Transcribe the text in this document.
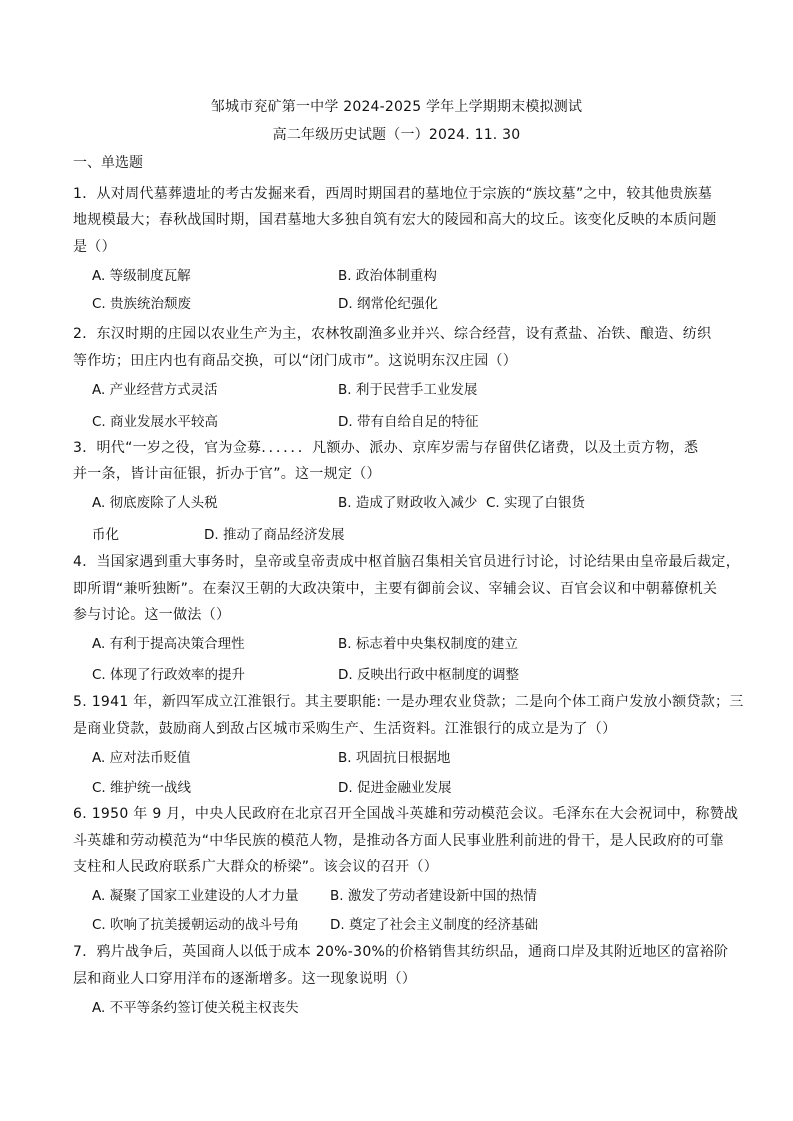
邹城市兖矿第一中学 2024-2025 学年上学期期末模拟测试
高二年级历史试题（一）2024. 11. 30
一、单选题
1．从对周代墓葬遗址的考古发掘来看，西周时期国君的墓地位于宗族的“族坟墓”之中，较其他贵族墓
地规模最大；春秋战国时期，国君墓地大多独自筑有宏大的陵园和高大的坟丘。该变化反映的本质问题
是（）
A. 等级制度瓦解	B. 政治体制重构
C. 贵族统治颓废	D. 纲常伦纪强化
2．东汉时期的庄园以农业生产为主，农林牧副渔多业并兴、综合经营，设有煮盐、冶铁、酿造、纺织
等作坊；田庄内也有商品交换，可以“闭门成市”。这说明东汉庄园（）
A. 产业经营方式灵活	B. 利于民营手工业发展
C. 商业发展水平较高	D. 带有自给自足的特征
3．明代“一岁之役，官为佥募．．．．．．凡额办、派办、京库岁需与存留供亿诸费，以及土贡方物，悉
并一条，皆计亩征银，折办于官”。这一规定（）
A. 彻底废除了人头税	B. 造成了财政收入减少 C. 实现了白银货
币化	D. 推动了商品经济发展
4．当国家遇到重大事务时，皇帝或皇帝责成中枢首脑召集相关官员进行讨论，讨论结果由皇帝最后裁定，
即所谓“兼听独断”。在秦汉王朝的大政决策中，主要有御前会议、宰辅会议、百官会议和中朝幕僚机关
参与讨论。这一做法（）
A. 有利于提高决策合理性	B. 标志着中央集权制度的建立
C. 体现了行政效率的提升	D. 反映出行政中枢制度的调整
5. 1941 年，新四军成立江淮银行。其主要职能: 一是办理农业贷款；二是向个体工商户发放小额贷款；三
是商业贷款，鼓励商人到敌占区城市采购生产、生活资料。江淮银行的成立是为了（）
A. 应对法币贬值	B. 巩固抗日根据地
C. 维护统一战线	D. 促进金融业发展
6. 1950 年 9 月，中央人民政府在北京召开全国战斗英雄和劳动模范会议。毛泽东在大会祝词中，称赞战
斗英雄和劳动模范为“中华民族的模范人物，是推动各方面人民事业胜利前进的骨干，是人民政府的可靠
支柱和人民政府联系广大群众的桥梁”。该会议的召开（）
A. 凝聚了国家工业建设的人才力量 B. 激发了劳动者建设新中国的热情
C. 吹响了抗美援朝运动的战斗号角 D. 奠定了社会主义制度的经济基础
7．鸦片战争后，英国商人以低于成本 20%-30%的价格销售其纺织品，通商口岸及其附近地区的富裕阶
层和商业人口穿用洋布的逐渐增多。这一现象说明（）
A. 不平等条约签订使关税主权丧失
